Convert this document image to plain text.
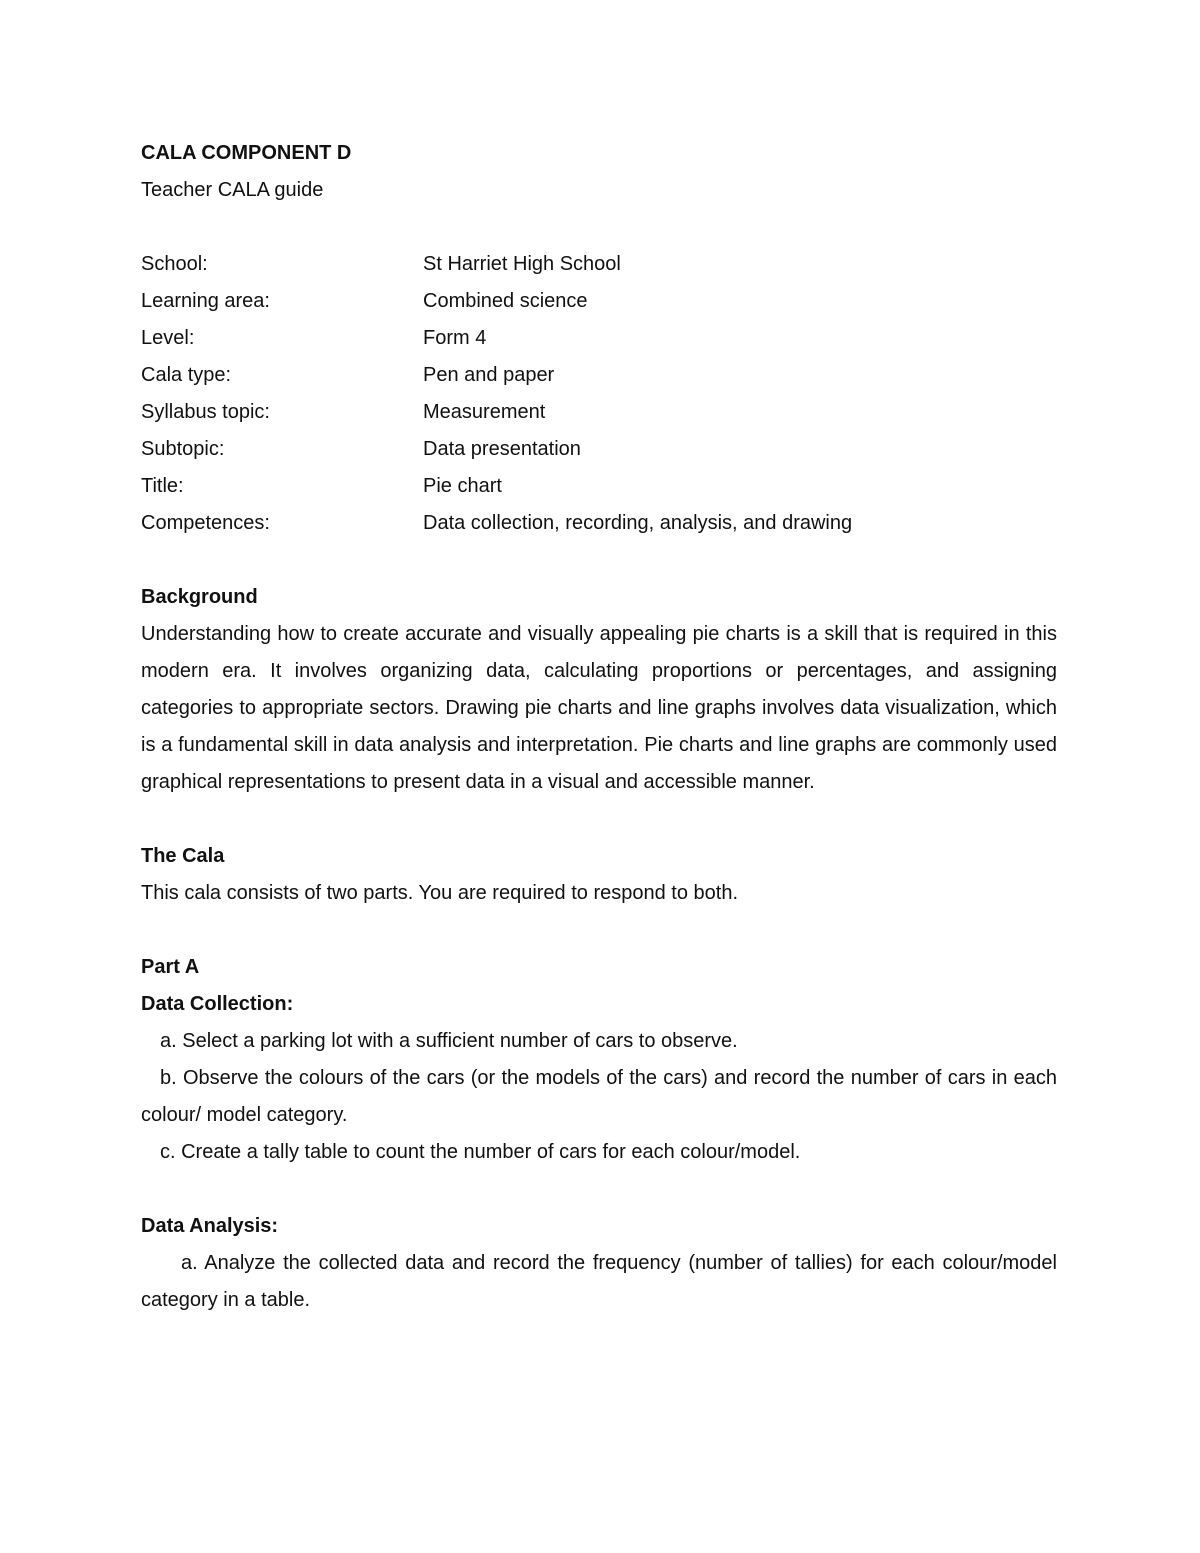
CALA COMPONENT D

Teacher CALA guide

School:	St Harriet High School
Learning area:	Combined science
Level:	Form 4
Cala type:	Pen and paper
Syllabus topic:	Measurement
Subtopic:	Data presentation
Title:	Pie chart
Competences:	Data collection, recording, analysis, and drawing

Background

Understanding how to create accurate and visually appealing pie charts is a skill that is required in this modern era. It involves organizing data, calculating proportions or percentages, and assigning categories to appropriate sectors. Drawing pie charts and line graphs involves data visualization, which is a fundamental skill in data analysis and interpretation. Pie charts and line graphs are commonly used graphical representations to present data in a visual and accessible manner.

The Cala

This cala consists of two parts. You are required to respond to both.

Part A

Data Collection:

a. Select a parking lot with a sufficient number of cars to observe.

b. Observe the colours of the cars (or the models of the cars) and record the number of cars in each colour/ model category.

c. Create a tally table to count the number of cars for each colour/model.

Data Analysis:

a. Analyze the collected data and record the frequency (number of tallies) for each colour/model category in a table.
